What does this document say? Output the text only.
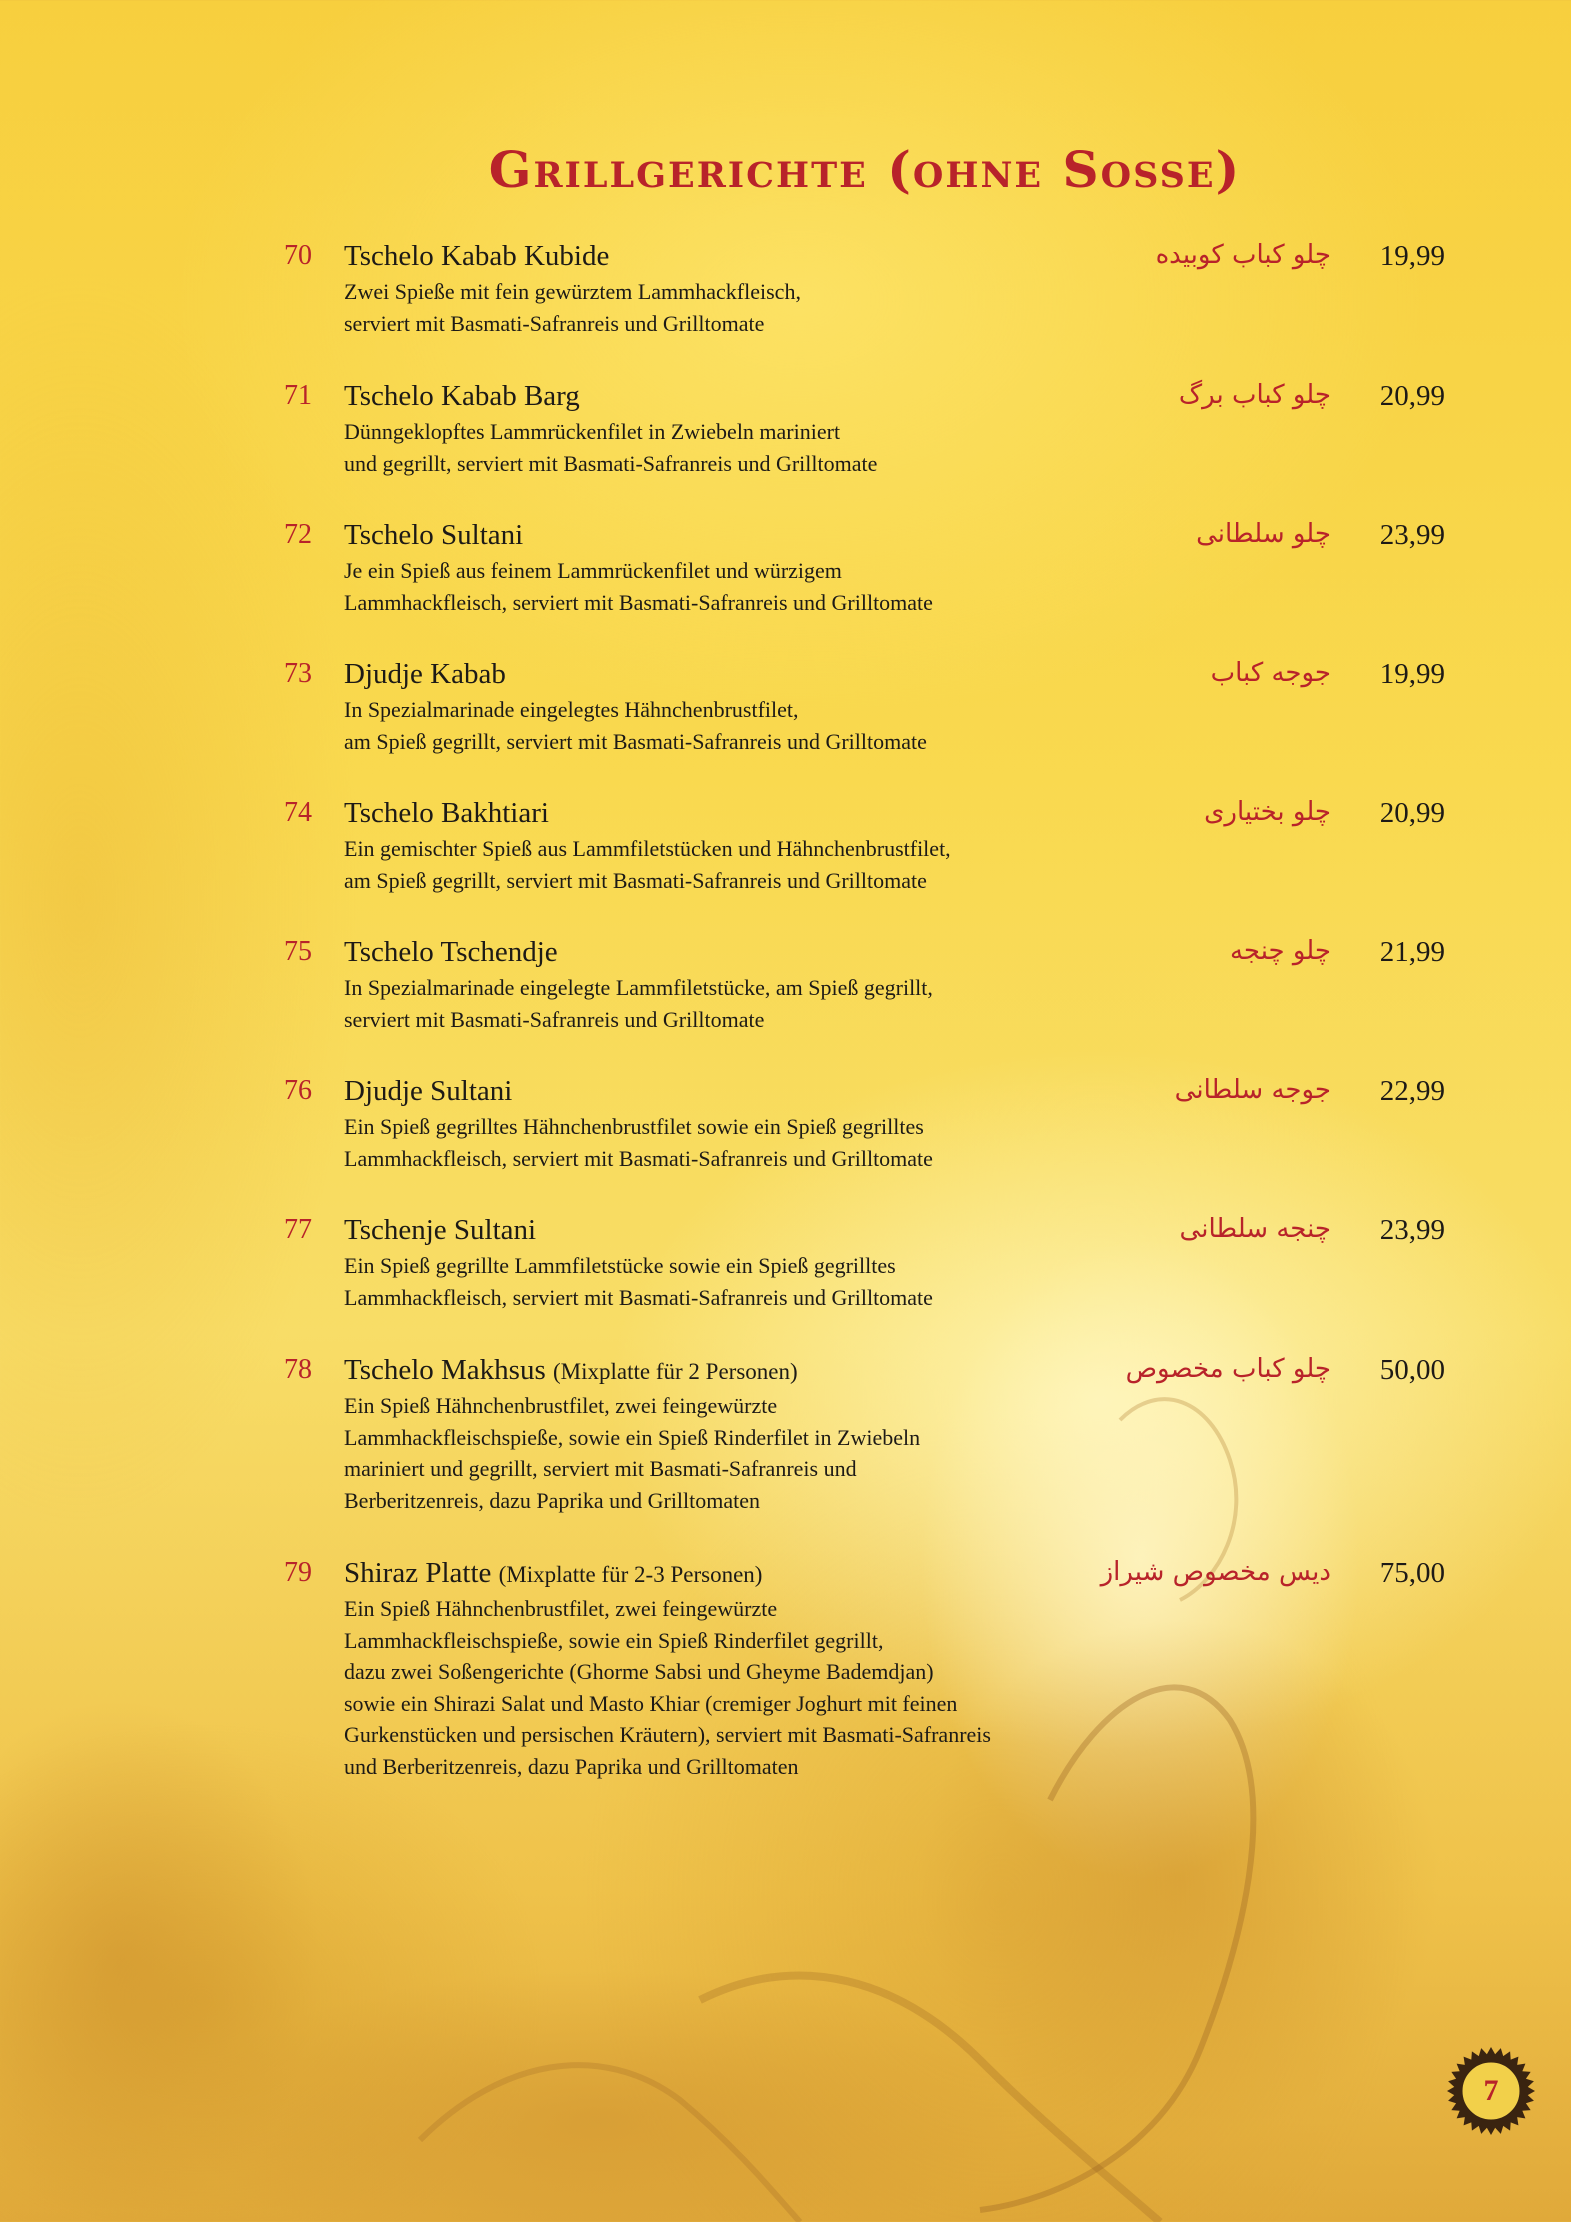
Grillgerichte (ohne Sosse)
70 Tschelo Kabab Kubide	چلو کباب کوبیده 19,99
Zwei Spieße mit fein gewürztem Lammhackfleisch,
serviert mit Basmati-Safranreis und Grilltomate
71 Tschelo Kabab Barg	چلو کباب برگ 20,99
Dünngeklopftes Lammrückenfilet in Zwiebeln mariniert
und gegrillt, serviert mit Basmati-Safranreis und Grilltomate
72 Tschelo Sultani	چلو سلطانی 23,99
Je ein Spieß aus feinem Lammrückenfilet und würzigem
Lammhackfleisch, serviert mit Basmati-Safranreis und Grilltomate
73 Djudje Kabab	جوجه کباب 19,99
In Spezialmarinade eingelegtes Hähnchenbrustfilet,
am Spieß gegrillt, serviert mit Basmati-Safranreis und Grilltomate
74 Tschelo Bakhtiari	چلو بختیاری 20,99
Ein gemischter Spieß aus Lammfiletstücken und Hähnchenbrustfilet,
am Spieß gegrillt, serviert mit Basmati-Safranreis und Grilltomate
75 Tschelo Tschendje	چلو چنجه 21,99
In Spezialmarinade eingelegte Lammfiletstücke, am Spieß gegrillt,
serviert mit Basmati-Safranreis und Grilltomate
76 Djudje Sultani	جوجه سلطانی 22,99
Ein Spieß gegrilltes Hähnchenbrustfilet sowie ein Spieß gegrilltes
Lammhackfleisch, serviert mit Basmati-Safranreis und Grilltomate
77 Tschenje Sultani	چنجه سلطانی 23,99
Ein Spieß gegrillte Lammfiletstücke sowie ein Spieß gegrilltes
Lammhackfleisch, serviert mit Basmati-Safranreis und Grilltomate
78 Tschelo Makhsus (Mixplatte für 2 Personen)	چلو کباب مخصوص 50,00
Ein Spieß Hähnchenbrustfilet, zwei feingewürzte
Lammhackfleischspieße, sowie ein Spieß Rinderfilet in Zwiebeln
mariniert und gegrillt, serviert mit Basmati-Safranreis und
Berberitzenreis, dazu Paprika und Grilltomaten
79 Shiraz Platte (Mixplatte für 2-3 Personen)	دیس مخصوص شیراز 75,00
Ein Spieß Hähnchenbrustfilet, zwei feingewürzte
Lammhackfleischspieße, sowie ein Spieß Rinderfilet gegrillt,
dazu zwei Soßengerichte (Ghorme Sabsi und Gheyme Bademdjan)
sowie ein Shirazi Salat und Masto Khiar (cremiger Joghurt mit feinen
Gurkenstücken und persischen Kräutern), serviert mit Basmati-Safranreis
und Berberitzenreis, dazu Paprika und Grilltomaten
7
